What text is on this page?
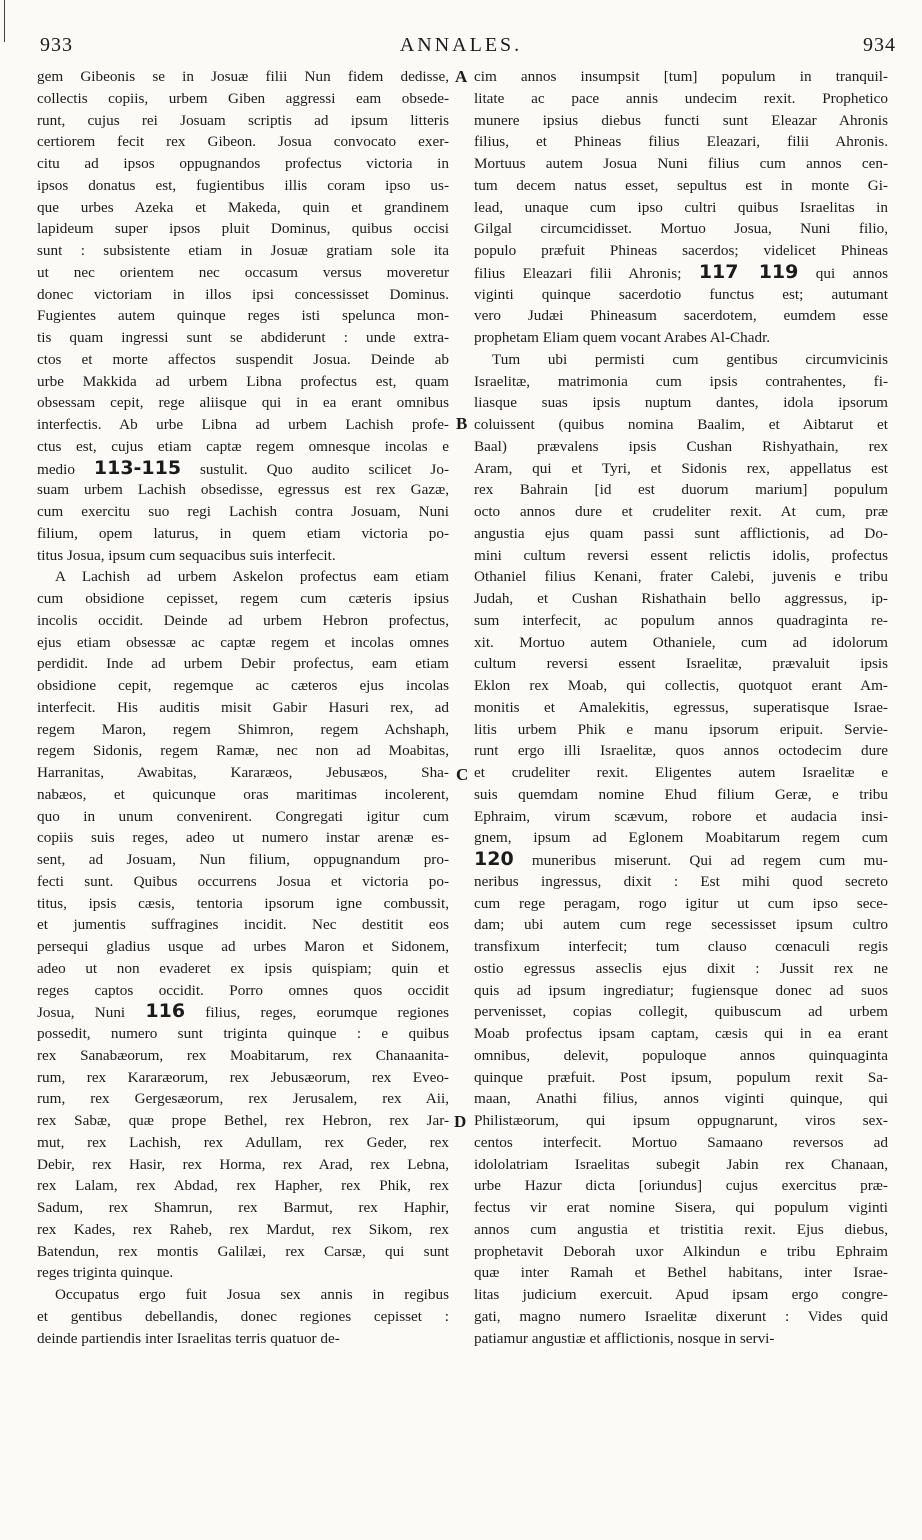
933	ANNALES.	934
gem Gibeonis se in Josuæ filii Nun fidem dedisse,
collectis copiis, urbem Giben aggressi eam obsede-
runt, cujus rei Josuam scriptis ad ipsum litteris
certiorem fecit rex Gibeon. Josua convocato exer-
citu ad ipsos oppugnandos profectus victoria in
ipsos donatus est, fugientibus illis coram ipso us-
que urbes Azeka et Makeda, quin et grandinem
lapideum super ipsos pluit Dominus, quibus occisi
sunt : subsistente etiam in Josuæ gratiam sole ita
ut nec orientem nec occasum versus moveretur
donec victoriam in illos ipsi concessisset Dominus.
Fugientes autem quinque reges isti spelunca mon-
tis quam ingressi sunt se abdiderunt : unde extra-
ctos et morte affectos suspendit Josua. Deinde ab
urbe Makkida ad urbem Libna profectus est, quam
obsessam cepit, rege aliisque qui in ea erant omnibus
interfectis. Ab urbe Libna ad urbem Lachish profe-
ctus est, cujus etiam captæ regem omnesque incolas e
medio 113-115 sustulit. Quo audito scilicet Jo-
suam urbem Lachish obsedisse, egressus est rex Gazæ,
cum exercitu suo regi Lachish contra Josuam, Nuni
filium, opem laturus, in quem etiam victoria po-
titus Josua, ipsum cum sequacibus suis interfecit.
A Lachish ad urbem Askelon profectus eam etiam
cum obsidione cepisset, regem cum cæteris ipsius
incolis occidit. Deinde ad urbem Hebron profectus,
ejus etiam obsessæ ac captæ regem et incolas omnes
perdidit. Inde ad urbem Debir profectus, eam etiam
obsidione cepit, regemque ac cæteros ejus incolas
interfecit. His auditis misit Gabir Hasuri rex, ad
regem Maron, regem Shimron, regem Achshaph,
regem Sidonis, regem Ramæ, nec non ad Moabitas,
Harranitas, Awabitas, Kararæos, Jebusæos, Sha-
nabæos, et quicunque oras maritimas incolerent,
quo in unum convenirent. Congregati igitur cum
copiis suis reges, adeo ut numero instar arenæ es-
sent, ad Josuam, Nun filium, oppugnandum pro-
fecti sunt. Quibus occurrens Josua et victoria po-
titus, ipsis cæsis, tentoria ipsorum igne combussit,
et jumentis suffragines incidit. Nec destitit eos
persequi gladius usque ad urbes Maron et Sidonem,
adeo ut non evaderet ex ipsis quispiam; quin et
reges captos occidit. Porro omnes quos occidit
Josua, Nuni 116 filius, reges, eorumque regiones
possedit, numero sunt triginta quinque : e quibus
rex Sanabæorum, rex Moabitarum, rex Chanaanita-
rum, rex Kararæorum, rex Jebusæorum, rex Eveo-
rum, rex Gergesæorum, rex Jerusalem, rex Aii,
rex Sabæ, quæ prope Bethel, rex Hebron, rex Jar-
mut, rex Lachish, rex Adullam, rex Geder, rex
Debir, rex Hasir, rex Horma, rex Arad, rex Lebna,
rex Lalam, rex Abdad, rex Hapher, rex Phik, rex
Sadum, rex Shamrun, rex Barmut, rex Haphir,
rex Kades, rex Raheb, rex Mardut, rex Sikom, rex
Batendun, rex montis Galilæi, rex Carsæ, qui sunt
reges triginta quinque.
Occupatus ergo fuit Josua sex annis in regibus
et gentibus debellandis, donec regiones cepisset :
deinde partiendis inter Israelitas terris quatuor de-
cim annos insumpsit [tum] populum in tranquil-
litate ac pace annis undecim rexit. Prophetico
munere ipsius diebus functi sunt Eleazar Ahronis
filius, et Phineas filius Eleazari, filii Ahronis.
Mortuus autem Josua Nuni filius cum annos cen-
tum decem natus esset, sepultus est in monte Gi-
lead, unaque cum ipso cultri quibus Israelitas in
Gilgal circumcidisset. Mortuo Josua, Nuni filio,
populo præfuit Phineas sacerdos; videlicet Phineas
filius Eleazari filii Ahronis; 117 119 qui annos
viginti quinque sacerdotio functus est; autumant
vero Judæi Phineasum sacerdotem, eumdem esse
prophetam Eliam quem vocant Arabes Al-Chadr.
Tum ubi permisti cum gentibus circumvicinis
Israelitæ, matrimonia cum ipsis contrahentes, fi-
liasque suas ipsis nuptum dantes, idola ipsorum
coluissent (quibus nomina Baalim, et Aibtarut et
Baal) prævalens ipsis Cushan Rishyathain, rex
Aram, qui et Tyri, et Sidonis rex, appellatus est
rex Bahrain [id est duorum marium] populum
octo annos dure et crudeliter rexit. At cum, præ
angustia ejus quam passi sunt afflictionis, ad Do-
mini cultum reversi essent relictis idolis, profectus
Othaniel filius Kenani, frater Calebi, juvenis e tribu
Judah, et Cushan Rishathain bello aggressus, ip-
sum interfecit, ac populum annos quadraginta re-
xit. Mortuo autem Othaniele, cum ad idolorum
cultum reversi essent Israelitæ, prævaluit ipsis
Eklon rex Moab, qui collectis, quotquot erant Am-
monitis et Amalekitis, egressus, superatisque Israe-
litis urbem Phik e manu ipsorum eripuit. Servie-
runt ergo illi Israelitæ, quos annos octodecim dure
et crudeliter rexit. Eligentes autem Israelitæ e
suis quemdam nomine Ehud filium Geræ, e tribu
Ephraim, virum scævum, robore et audacia insi-
gnem, ipsum ad Eglonem Moabitarum regem cum
120 muneribus miserunt. Qui ad regem cum mu-
neribus ingressus, dixit : Est mihi quod secreto
cum rege peragam, rogo igitur ut cum ipso sece-
dam; ubi autem cum rege secessisset ipsum cultro
transfixum interfecit; tum clauso cœnaculi regis
ostio egressus asseclis ejus dixit : Jussit rex ne
quis ad ipsum ingrediatur; fugiensque donec ad suos
pervenisset, copias collegit, quibuscum ad urbem
Moab profectus ipsam captam, cæsis qui in ea erant
omnibus, delevit, populoque annos quinquaginta
quinque præfuit. Post ipsum, populum rexit Sa-
maan, Anathi filius, annos viginti quinque, qui
Philistæorum, qui ipsum oppugnarunt, viros sex-
centos interfecit. Mortuo Samaano reversos ad
idololatriam Israelitas subegit Jabin rex Chanaan,
urbe Hazur dicta [oriundus] cujus exercitus præ-
fectus vir erat nomine Sisera, qui populum viginti
annos cum angustia et tristitia rexit. Ejus diebus,
prophetavit Deborah uxor Alkindun e tribu Ephraim
quæ inter Ramah et Bethel habitans, inter Israe-
litas judicium exercuit. Apud ipsam ergo congre-
gati, magno numero Israelitæ dixerunt : Vides quid
patiamur angustiæ et afflictionis, nosque in servi-
A
B
C
D
